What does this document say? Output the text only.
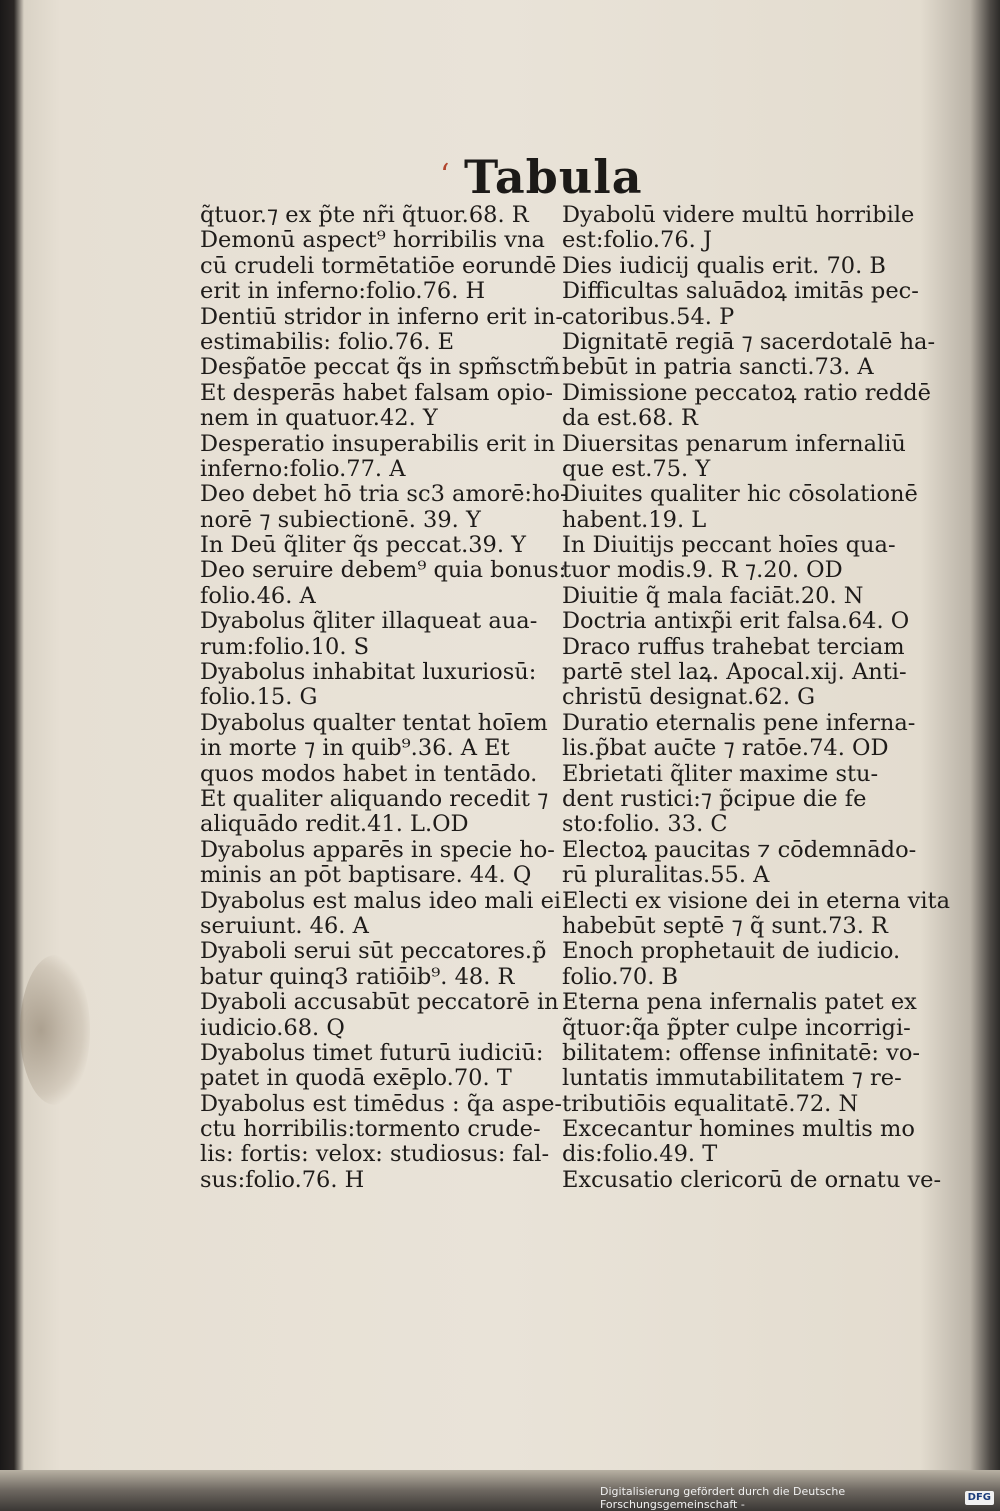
‘ Tabula
q̃tuor.⁊ ex p̃te nr̃i q̃tuor.68. R
Demonū aspect⁹ horribilis vna
cū crudeli tormētatiōe eorundē
erit in inferno:folio.76. H
Dentiū stridor in inferno erit in-
estimabilis: folio.76. E
Desp̃atōe peccat q̃s in spm̃sctm̃
Et desperās habet falsam opio-
nem in quatuor.42. Y
Desperatio insuperabilis erit in
inferno:folio.77. A
Deo debet hō tria sc3 amorē:ho-
norē ⁊ subiectionē. 39. Y
In Deū q̃liter q̃s peccat.39. Y
Deo seruire debem⁹ quia bonus:
folio.46. A
Dyabolus q̃liter illaqueat aua-
rum:folio.10. S
Dyabolus inhabitat luxuriosū:
folio.15. G
Dyabolus qualter tentat hoīem
in morte ⁊ in quib⁹.36. A Et
quos modos habet in tentādo.
Et qualiter aliquando recedit ⁊
aliquādo redit.41. L.OD
Dyabolus apparēs in specie ho-
minis an pōt baptisare. 44. Q
Dyabolus est malus ideo mali ei
seruiunt. 46. A
Dyaboli serui sūt peccatores.p̃
batur quinq3 ratiōib⁹. 48. R
Dyaboli accusabūt peccatorē in
iudicio.68. Q
Dyabolus timet futurū iudiciū:
patet in quodā exēplo.70. T
Dyabolus est timēdus : q̃a aspe-
ctu horribilis:tormento crude-
lis: fortis: velox: studiosus: fal-
sus:folio.76. H
Dyabolū videre multū horribile
est:folio.76. J
Dies iudicij qualis erit. 70. B
Difficultas saluādoꝝ imitās pec-
catoribus.54. P
Dignitatē regiā ⁊ sacerdotalē ha-
bebūt in patria sancti.73. A
Dimissione peccatoꝝ ratio reddē
da est.68. R
Diuersitas penarum infernaliū
que est.75. Y
Diuites qualiter hic cōsolationē
habent.19. L
In Diuitijs peccant hoīes qua-
tuor modis.9. R ⁊.20. OD
Diuitie q̃ mala faciāt.20. N
Doctria antixp̃i erit falsa.64. O
Draco ruffus trahebat terciam
partē stel laꝝ. Apocal.xij. Anti-
christū designat.62. G
Duratio eternalis pene inferna-
lis.p̃bat auc̄te ⁊ ratōe.74. OD
Ebrietati q̃liter maxime stu-
dent rustici:⁊ p̃cipue die fe
sto:folio. 33. C
Electoꝝ paucitas ⁊ cōdemnādo-
rū pluralitas.55. A
Electi ex visione dei in eterna vita
habebūt septē ⁊ q̃ sunt.73. R
Enoch prophetauit de iudicio.
folio.70. B
Eterna pena infernalis patet ex
q̃tuor:q̃a p̃pter culpe incorrigi-
bilitatem: offense infinitatē: vo-
luntatis immutabilitatem ⁊ re-
tributiōis equalitatē.72. N
Excecantur homines multis mo
dis:folio.49. T
Excusatio clericorū de ornatu ve-
Digitalisierung gefördert durch die Deutsche Forschungsgemeinschaft -
DFG
